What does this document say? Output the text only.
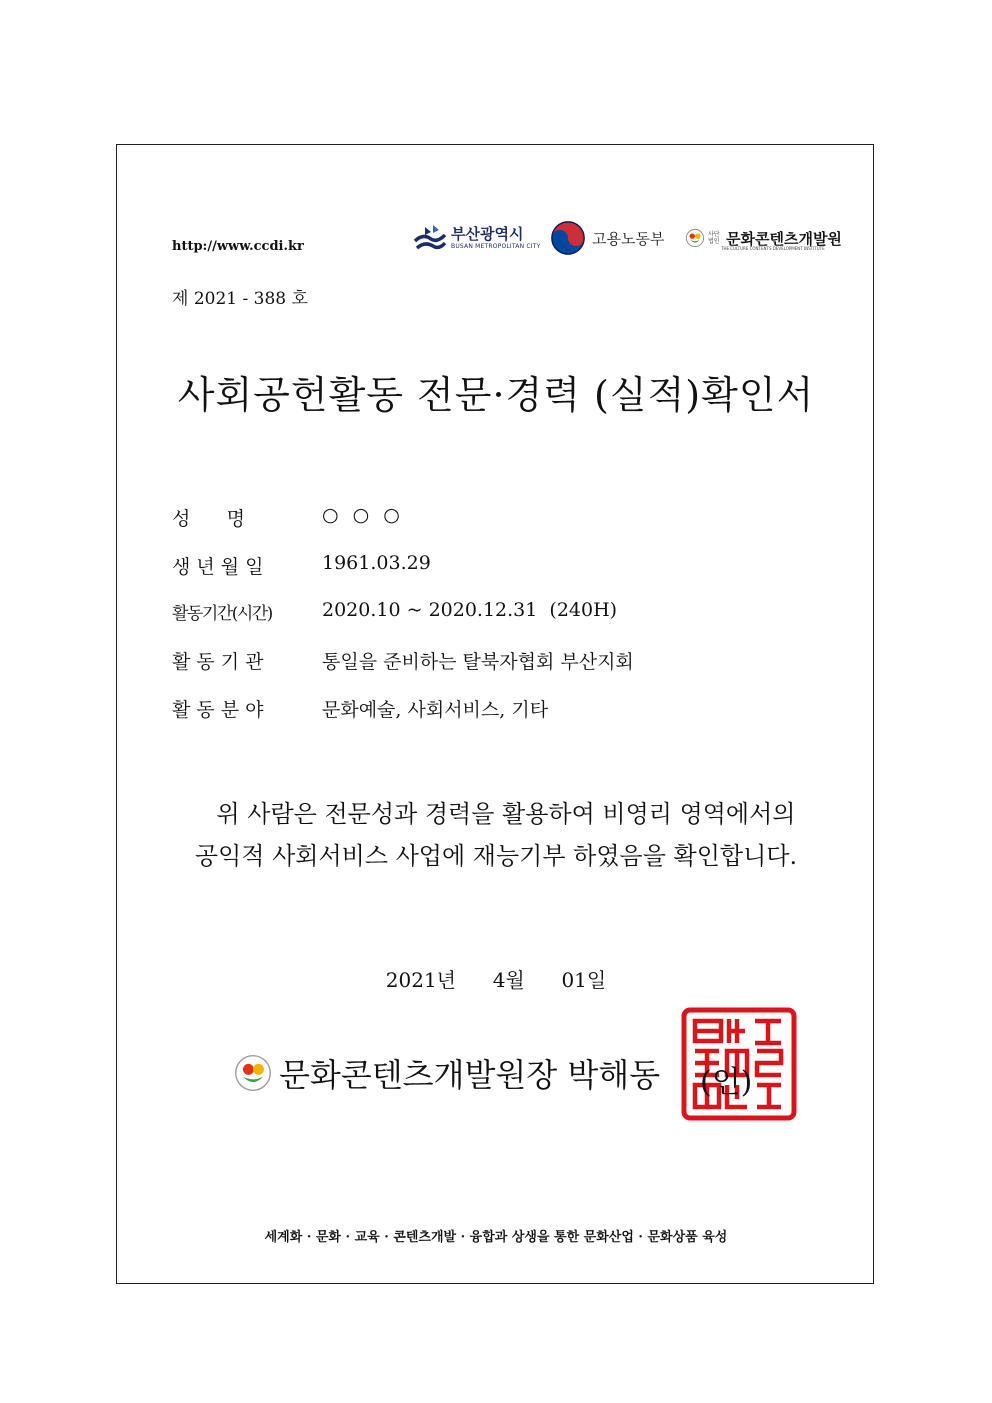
http://www.ccdi.kr
부산광역시
BUSAN METROPOLITAN CITY	고용노동부	사단법인 문화콘텐츠개발원
THE CULTURE CONTENTS DEVELOPMENT INSTITUTE
제 2021 - 388 호
사회공헌활동 전문·경력 (실적)확인서
성      명	○ ○ ○
생 년 월 일	1961.03.29
활동기간(시간)	2020.10 ~ 2020.12.31  (240H)
활 동 기 관	통일을 준비하는 탈북자협회 부산지회
활 동 분 야	문화예술, 사회서비스, 기타
위 사람은 전문성과 경력을 활용하여 비영리 영역에서의
공익적 사회서비스 사업에 재능기부 하였음을 확인합니다.
2021년  4월  01일
문화콘텐츠개발원장 박해동 (인)
세계화 · 문화 · 교육 · 콘텐츠개발 · 융합과 상생을 통한 문화산업 · 문화상품 육성
